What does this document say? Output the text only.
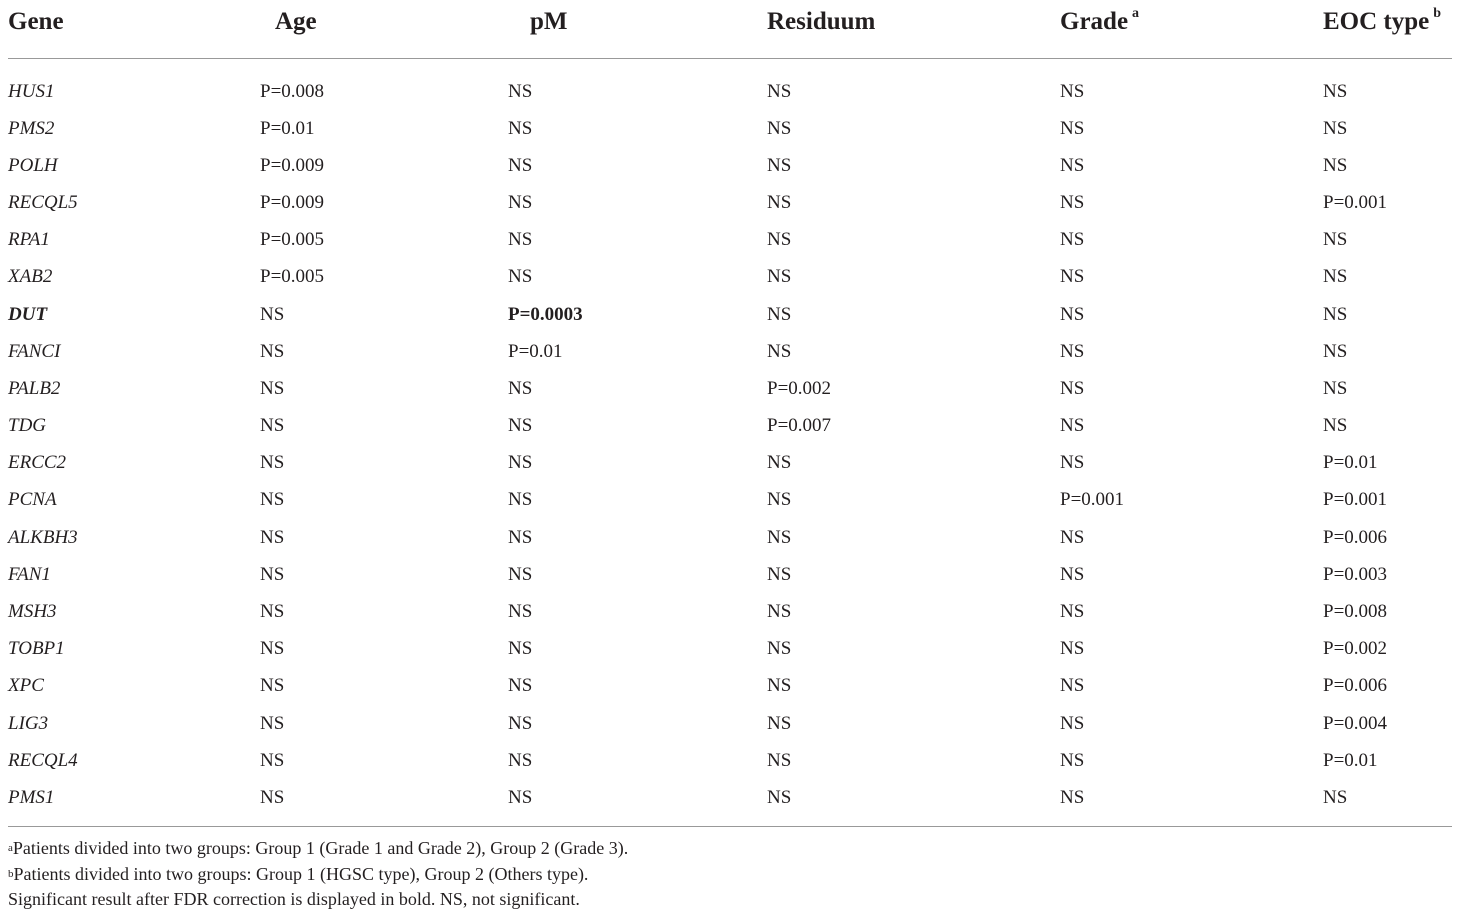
Gene	Age	pM	Residuum	Grade $^a$	EOC type $^b$
HUS1	P=0.008	NS	NS	NS	NS
PMS2	P=0.01	NS	NS	NS	NS
POLH	P=0.009	NS	NS	NS	NS
RECQL5	P=0.009	NS	NS	NS	P=0.001
RPA1	P=0.005	NS	NS	NS	NS
XAB2	P=0.005	NS	NS	NS	NS
DUT	NS	P=0.0003	NS	NS	NS
FANCI	NS	P=0.01	NS	NS	NS
PALB2	NS	NS	P=0.002	NS	NS
TDG	NS	NS	P=0.007	NS	NS
ERCC2	NS	NS	NS	NS	P=0.01
PCNA	NS	NS	NS	P=0.001	P=0.001
ALKBH3	NS	NS	NS	NS	P=0.006
FAN1	NS	NS	NS	NS	P=0.003
MSH3	NS	NS	NS	NS	P=0.008
TOBP1	NS	NS	NS	NS	P=0.002
XPC	NS	NS	NS	NS	P=0.006
LIG3	NS	NS	NS	NS	P=0.004
RECQL4	NS	NS	NS	NS	P=0.01
PMS1	NS	NS	NS	NS	NS
$^a$Patients divided into two groups: Group 1 (Grade 1 and Grade 2), Group 2 (Grade 3).
$^b$Patients divided into two groups: Group 1 (HGSC type), Group 2 (Others type).
Significant result after FDR correction is displayed in bold. NS, not significant.
